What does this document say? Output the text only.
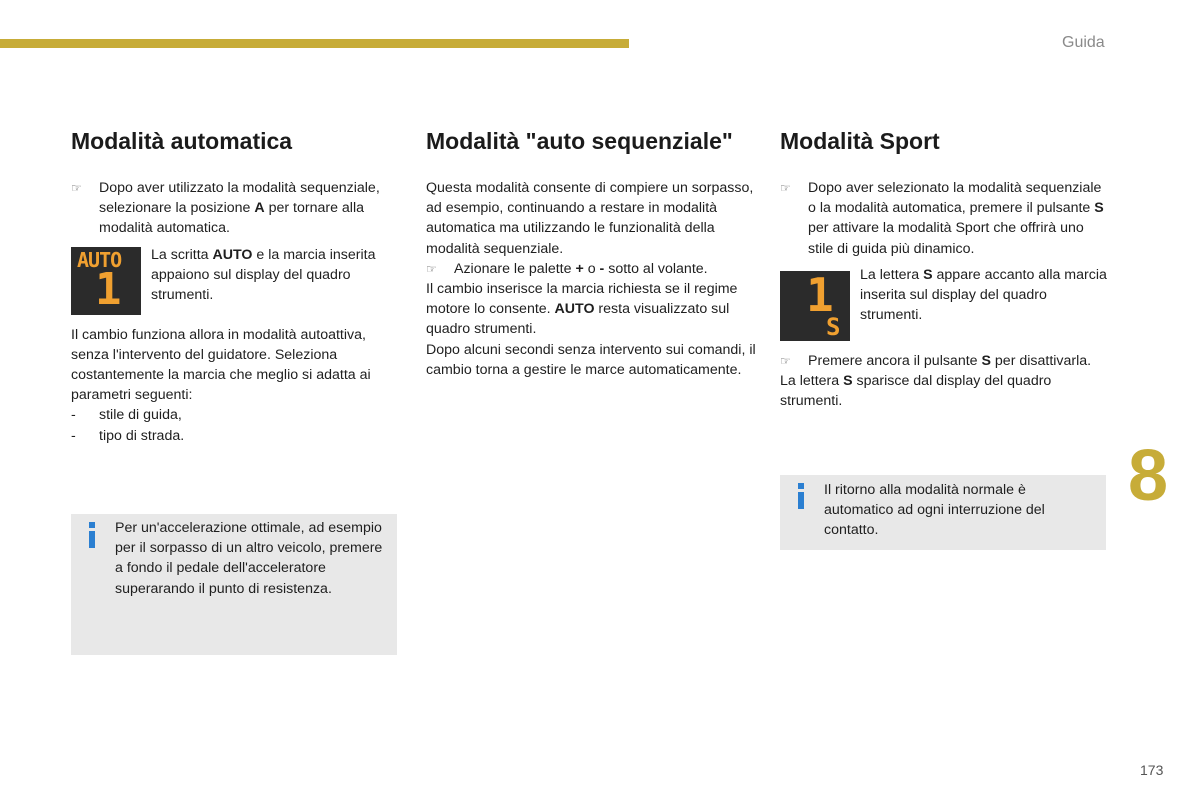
Guida
8
173
Modalità automatica

☞ Dopo aver utilizzato la modalità sequenziale, selezionare la posizione A per tornare alla modalità automatica.

AUTO
1

La scritta AUTO e la marcia inserita appaiono sul display del quadro strumenti.

Il cambio funziona allora in modalità autoattiva, senza l'intervento del guidatore. Seleziona costantemente la marcia che meglio si adatta ai parametri seguenti:

- stile di guida,

- tipo di strada.

Modalità "auto sequenziale"

Questa modalità consente di compiere un sorpasso, ad esempio, continuando a restare in modalità automatica ma utilizzando le funzionalità della modalità sequenziale.

☞ Azionare le palette + o - sotto al volante.

Il cambio inserisce la marcia richiesta se il regime motore lo consente. AUTO resta visualizzato sul quadro strumenti.

Dopo alcuni secondi senza intervento sui comandi, il cambio torna a gestire le marce automaticamente.

Modalità Sport

☞ Dopo aver selezionato la modalità sequenziale o la modalità automatica, premere il pulsante S per attivare la modalità Sport che offrirà uno stile di guida più dinamico.

1
S

La lettera S appare accanto alla marcia inserita sul display del quadro strumenti.

☞ Premere ancora il pulsante S per disattivarla.

La lettera S sparisce dal display del quadro strumenti.

Per un'accelerazione ottimale, ad esempio per il sorpasso di un altro veicolo, premere a fondo il pedale dell'acceleratore superarando il punto di resistenza.
Il ritorno alla modalità normale è automatico ad ogni interruzione del contatto.
